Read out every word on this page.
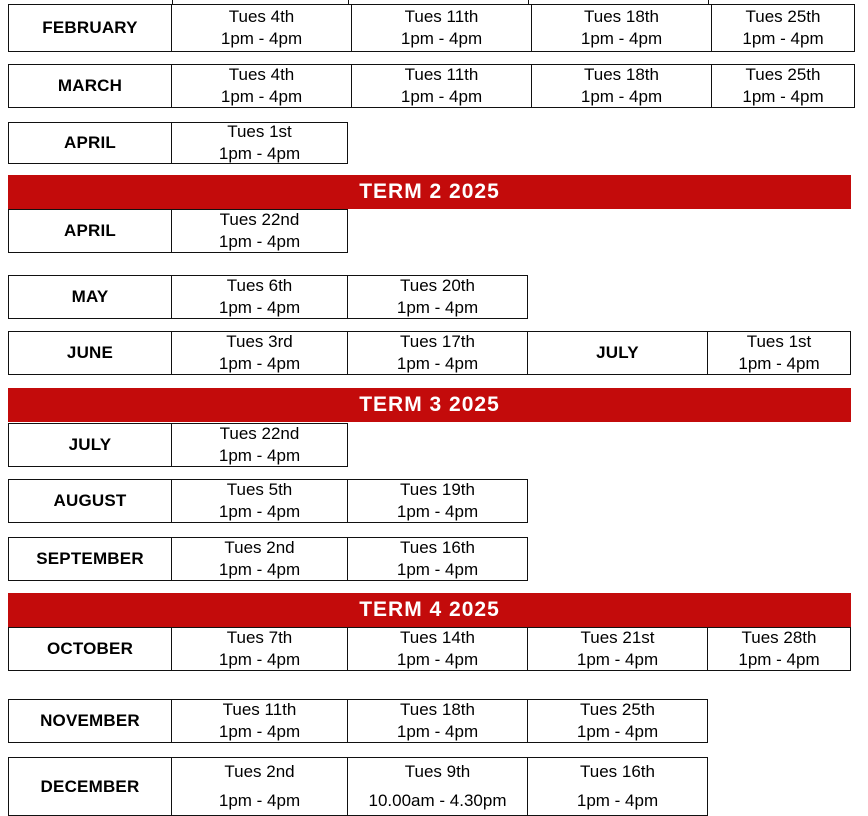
FEBRUARY
Tues 4th
1pm - 4pm
Tues 11th
1pm - 4pm
Tues 18th
1pm - 4pm
Tues 25th
1pm - 4pm
MARCH
Tues 4th
1pm - 4pm
Tues 11th
1pm - 4pm
Tues 18th
1pm - 4pm
Tues 25th
1pm - 4pm
APRIL
Tues 1st
1pm - 4pm
TERM 2 2025
APRIL
Tues 22nd
1pm - 4pm
MAY
Tues 6th
1pm - 4pm
Tues 20th
1pm - 4pm
JUNE
Tues 3rd
1pm - 4pm
Tues 17th
1pm - 4pm
JULY
Tues 1st
1pm - 4pm
TERM 3 2025
JULY
Tues 22nd
1pm - 4pm
AUGUST
Tues 5th
1pm - 4pm
Tues 19th
1pm - 4pm
SEPTEMBER
Tues 2nd
1pm - 4pm
Tues 16th
1pm - 4pm
TERM 4 2025
OCTOBER
Tues 7th
1pm - 4pm
Tues 14th
1pm - 4pm
Tues 21st
1pm - 4pm
Tues 28th
1pm - 4pm
NOVEMBER
Tues 11th
1pm - 4pm
Tues 18th
1pm - 4pm
Tues 25th
1pm - 4pm
DECEMBER
Tues 2nd
1pm - 4pm
Tues 9th
10.00am - 4.30pm
Tues 16th
1pm - 4pm
